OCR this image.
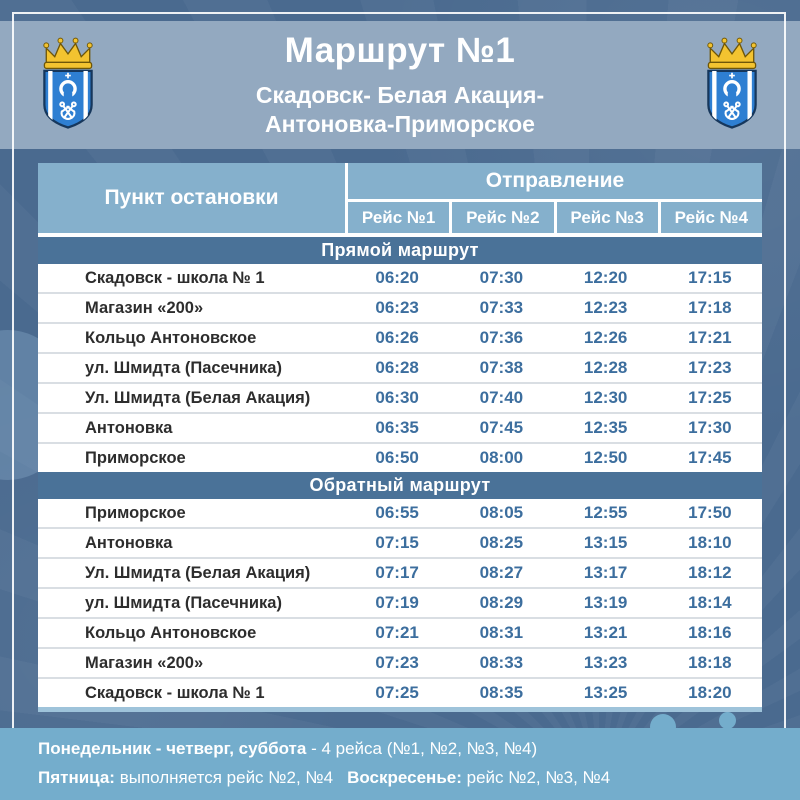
Маршрут №1
Скадовск- Белая Акация-
Антоновка-Приморское
Пункт остановки
Отправление
Рейс №1	Рейс №2	Рейс №3	Рейс №4
Прямой маршрут
Скадовск - школа № 1	06:20	07:30	12:20	17:15
Магазин «200»	06:23	07:33	12:23	17:18
Кольцо Антоновское	06:26	07:36	12:26	17:21
ул. Шмидта (Пасечника)	06:28	07:38	12:28	17:23
Ул. Шмидта (Белая Акация)	06:30	07:40	12:30	17:25
Антоновка	06:35	07:45	12:35	17:30
Приморское	06:50	08:00	12:50	17:45
Обратный маршрут
Приморское	06:55	08:05	12:55	17:50
Антоновка	07:15	08:25	13:15	18:10
Ул. Шмидта (Белая Акация)	07:17	08:27	13:17	18:12
ул. Шмидта (Пасечника)	07:19	08:29	13:19	18:14
Кольцо Антоновское	07:21	08:31	13:21	18:16
Магазин «200»	07:23	08:33	13:23	18:18
Скадовск - школа № 1	07:25	08:35	13:25	18:20

Понедельник - четверг, суббота - 4 рейса (№1, №2, №3, №4)

Пятница: выполняется рейс №2, №4 Воскресенье: рейс №2, №3, №4
